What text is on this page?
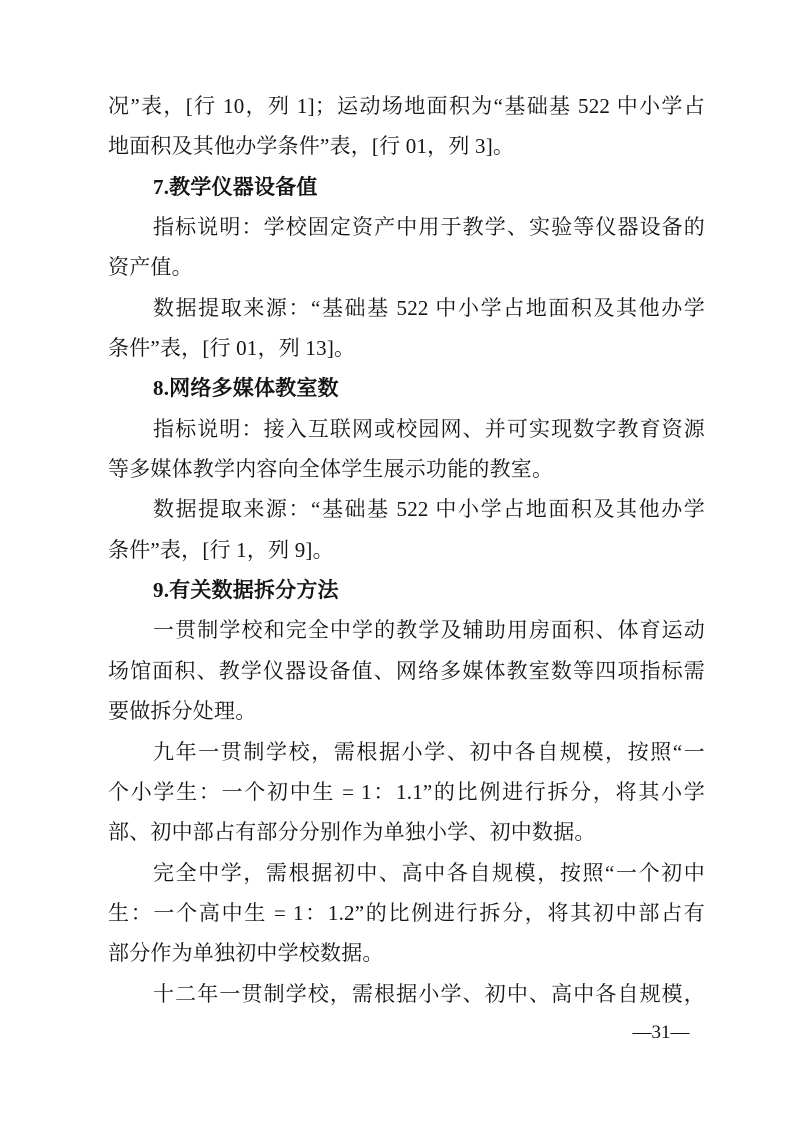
况”表，[行 10，列 1]；运动场地面积为“基础基 522 中小学占
地面积及其他办学条件”表，[行 01，列 3]。
7.教学仪器设备值
指标说明：学校固定资产中用于教学、实验等仪器设备的
资产值。
数据提取来源：“基础基 522 中小学占地面积及其他办学
条件”表，[行 01，列 13]。
8.网络多媒体教室数
指标说明：接入互联网或校园网、并可实现数字教育资源
等多媒体教学内容向全体学生展示功能的教室。
数据提取来源：“基础基 522 中小学占地面积及其他办学
条件”表，[行 1，列 9]。
9.有关数据拆分方法
一贯制学校和完全中学的教学及辅助用房面积、体育运动
场馆面积、教学仪器设备值、网络多媒体教室数等四项指标需
要做拆分处理。
九年一贯制学校，需根据小学、初中各自规模，按照“一
个小学生：一个初中生 = 1：1.1”的比例进行拆分，将其小学
部、初中部占有部分分别作为单独小学、初中数据。
完全中学，需根据初中、高中各自规模，按照“一个初中
生：一个高中生 = 1：1.2”的比例进行拆分，将其初中部占有
部分作为单独初中学校数据。
十二年一贯制学校，需根据小学、初中、高中各自规模，
—31—
